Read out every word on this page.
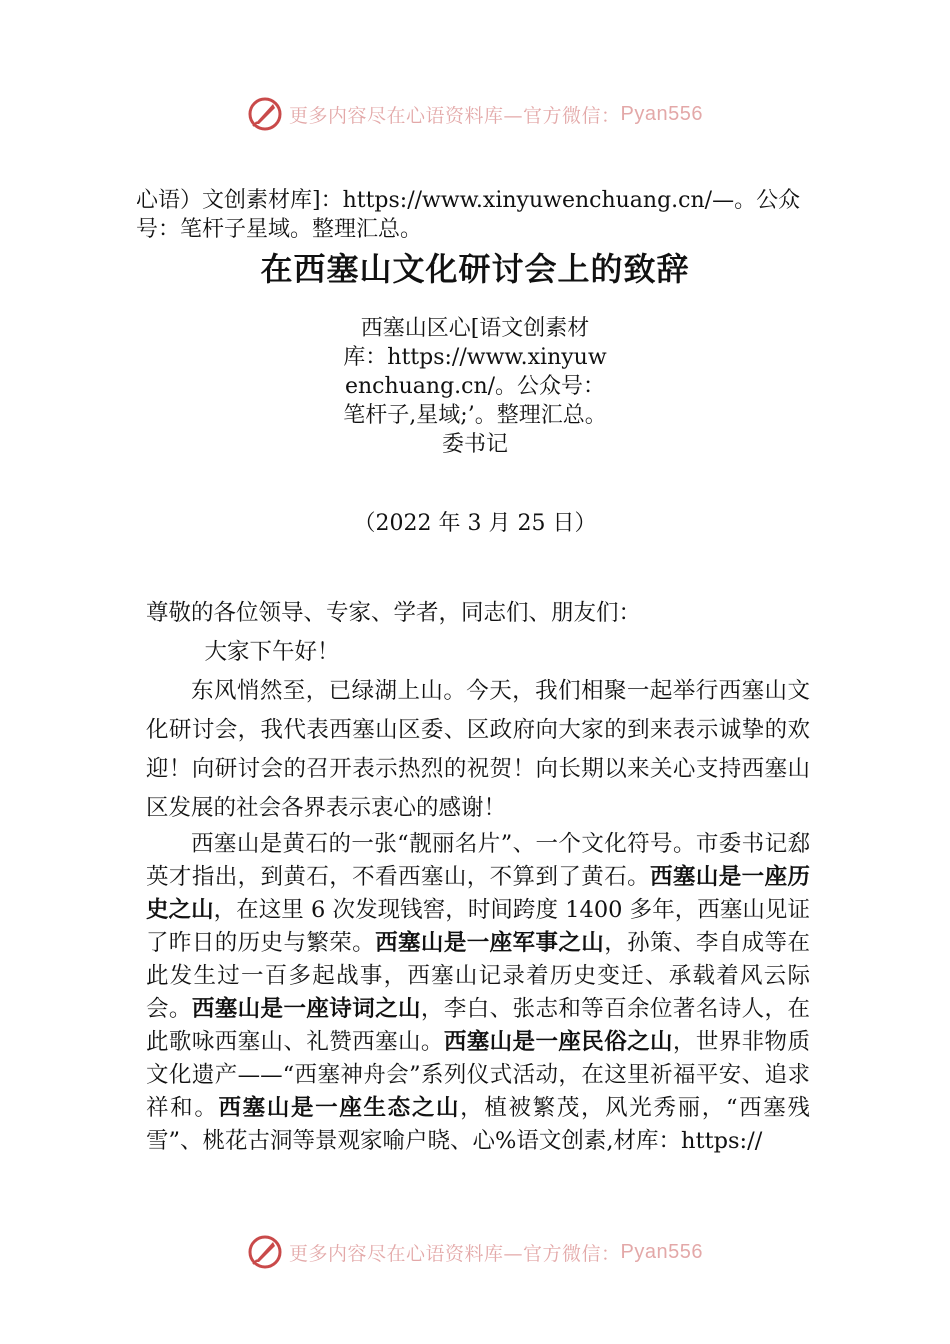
更多内容尽在心语资料库—官方微信： Pyan556
心语）文创素材库]：https://www.xinyuwenchuang.cn/—。公众号：笔杆子星域。整理汇总。
在西塞山文化研讨会上的致辞
西塞山区心[语文创素材库：https://www.xinyuwenchuang.cn/。公众号：笔杆子,星域;’。整理汇总。委书记
（2022 年 3 月 25 日）

尊敬的各位领导、专家、学者，同志们、朋友们：

大家下午好！

东风悄然至，已绿湖上山。今天，我们相聚一起举行西塞山文化研讨会，我代表西塞山区委、区政府向大家的到来表示诚挚的欢迎！向研讨会的召开表示热烈的祝贺！向长期以来关心支持西塞山区发展的社会各界表示衷心的感谢！

西塞山是黄石的一张“靓丽名片”、一个文化符号。市委书记郄英才指出，到黄石，不看西塞山，不算到了黄石。西塞山是一座历史之山，在这里 6 次发现钱窖，时间跨度 1400 多年，西塞山见证了昨日的历史与繁荣。西塞山是一座军事之山，孙策、李自成等在此发生过一百多起战事，西塞山记录着历史变迁、承载着风云际会。西塞山是一座诗词之山，李白、张志和等百余位著名诗人，在此歌咏西塞山、礼赞西塞山。西塞山是一座民俗之山，世界非物质文化遗产——“西塞神舟会”系列仪式活动，在这里祈福平安、追求祥和。西塞山是一座生态之山，植被繁茂，风光秀丽，“西塞残雪”、桃花古洞等景观家喻户晓、心%语文创素,材库：https://

更多内容尽在心语资料库—官方微信： Pyan556
